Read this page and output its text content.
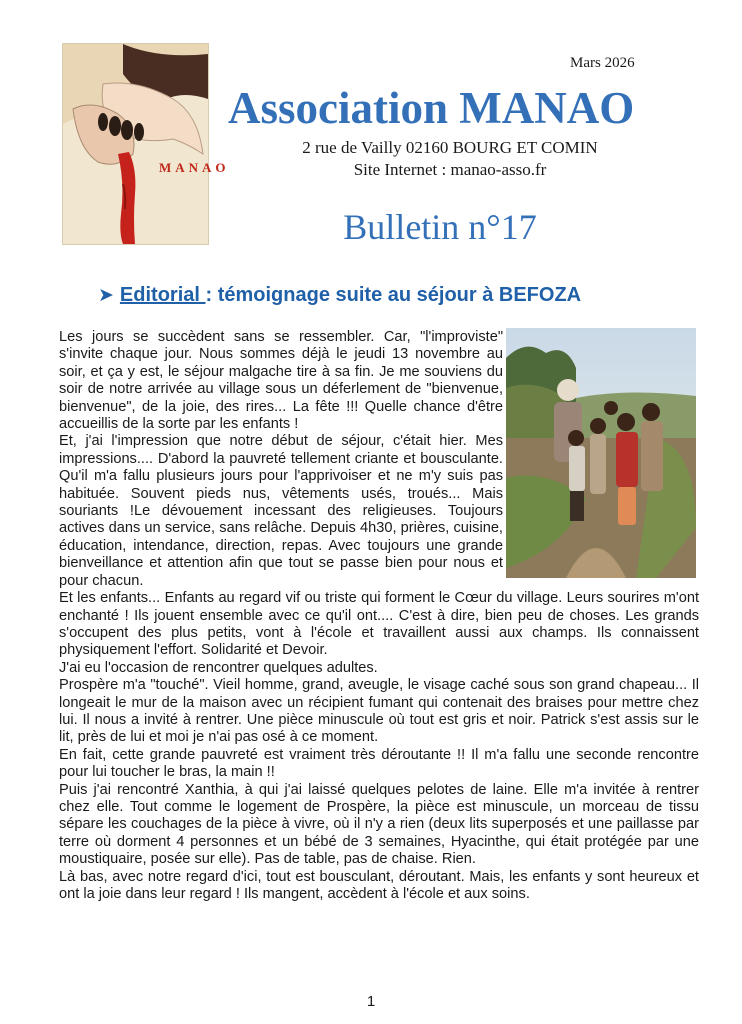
MANAO
Mars 2026
Association MANAO
2 rue de Vailly 02160 BOURG ET COMIN
Site Internet : manao-asso.fr
Bulletin n°17
➤ Editorial : témoignage suite au séjour à BEFOZA

Les jours se succèdent sans se ressembler. Car, "l'improviste" s'invite chaque jour. Nous sommes déjà le jeudi 13 novembre au soir, et ça y est, le séjour malgache tire à sa fin. Je me souviens du soir de notre arrivée au village sous un déferlement de "bienvenue, bienvenue", de la joie, des rires... La fête !!! Quelle chance d'être accueillis de la sorte par les enfants !

Et, j'ai l'impression que notre début de séjour, c'était hier. Mes impressions.... D'abord la pauvreté tellement criante et bousculante. Qu'il m'a fallu plusieurs jours pour l'apprivoiser et ne m'y suis pas habituée. Souvent pieds nus, vêtements usés, troués... Mais souriants !Le dévouement incessant des religieuses. Toujours actives dans un service, sans relâche. Depuis 4h30, prières, cuisine, éducation, intendance, direction, repas. Avec toujours une grande bienveillance et attention afin que tout se passe bien pour nous et pour chacun.

Et les enfants... Enfants au regard vif ou triste qui forment le Cœur du village. Leurs sourires m'ont enchanté ! Ils jouent ensemble avec ce qu'il ont.... C'est à dire, bien peu de choses. Les grands s'occupent des plus petits, vont à l'école et travaillent aussi aux champs. Ils connaissent physiquement l'effort. Solidarité et Devoir.

J'ai eu l'occasion de rencontrer quelques adultes.

Prospère m'a "touché". Vieil homme, grand, aveugle, le visage caché sous son grand chapeau... Il longeait le mur de la maison avec un récipient fumant qui contenait des braises pour mettre chez lui. Il nous a invité à rentrer. Une pièce minuscule où tout est gris et noir. Patrick s'est assis sur le lit, près de lui et moi je n'ai pas osé à ce moment.

En fait, cette grande pauvreté est vraiment très déroutante !! Il m'a fallu une seconde rencontre pour lui toucher le bras, la main !!

Puis j'ai rencontré Xanthia, à qui j'ai laissé quelques pelotes de laine. Elle m'a invitée à rentrer chez elle. Tout comme le logement de Prospère, la pièce est minuscule, un morceau de tissu sépare les couchages de la pièce à vivre, où il n'y a rien (deux lits superposés et une paillasse par terre où dorment 4 personnes et un bébé de 3 semaines, Hyacinthe, qui était protégée par une moustiquaire, posée sur elle). Pas de table, pas de chaise. Rien.

Là bas, avec notre regard d'ici, tout est bousculant, déroutant. Mais, les enfants y sont heureux et ont la joie dans leur regard ! Ils mangent, accèdent à l'école et aux soins.

1
